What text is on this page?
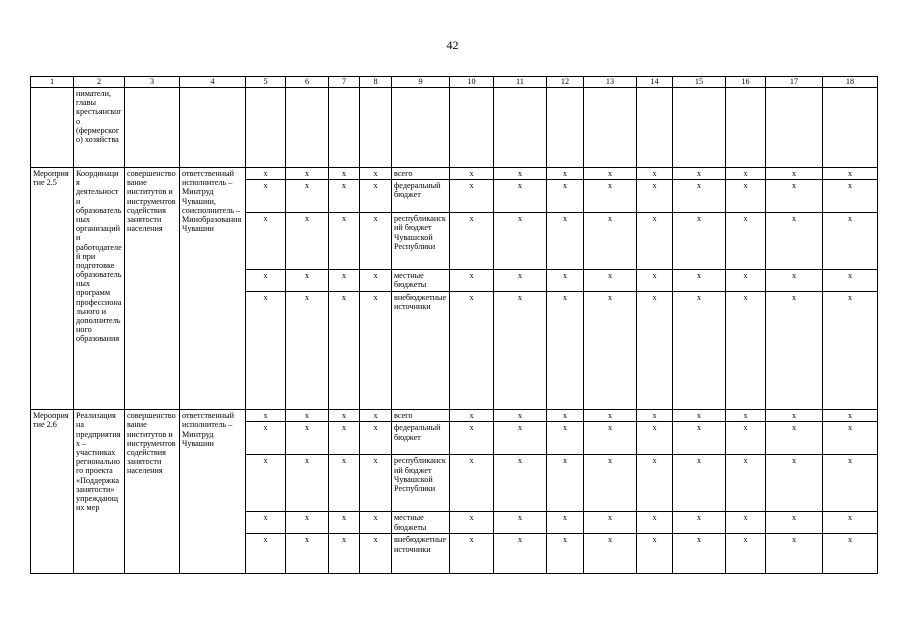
42
1	2	3	4	5	6	7	8	9	10	11	12	13	14	15	16	17	18
	ниматели, главы крестьянского (фермерского) хозяйства																
Мероприятие 2.5	Координация деятельности образовательных организаций и работодателей при подготовке образовательных программ профессионального и дополнительного образования	совершенствование институтов и инструментов содействия занятости населения	ответственный исполнитель – Минтруд Чувашии, соисполнитель – Минобразования Чувашии	x	x	x	x	всего	x	x	x	x	x	x	x	x	x
				x	x	x	x	федеральный бюджет	x	x	x	x	x	x	x	x	x
				x	x	x	x	республиканский бюджет Чувашской Республики	x	x	x	x	x	x	x	x	x
				x	x	x	x	местные бюджеты	x	x	x	x	x	x	x	x	x
				x	x	x	x	внебюджетные источники	x	x	x	x	x	x	x	x	x
Мероприятие 2.6	Реализация на предприятиях – участниках регионального проекта «Поддержка занятости» упреждающих мер	совершенствование институтов и инструментов содействия занятости населения	ответственный исполнитель – Минтруд Чувашии	x	x	x	x	всего	x	x	x	x	x	x	x	x	x
				x	x	x	x	федеральный бюджет	x	x	x	x	x	x	x	x	x
				x	x	x	x	республиканский бюджет Чувашской Республики	x	x	x	x	x	x	x	x	x
				x	x	x	x	местные бюджеты	x	x	x	x	x	x	x	x	x
				x	x	x	x	внебюджетные источники	x	x	x	x	x	x	x	x	x
